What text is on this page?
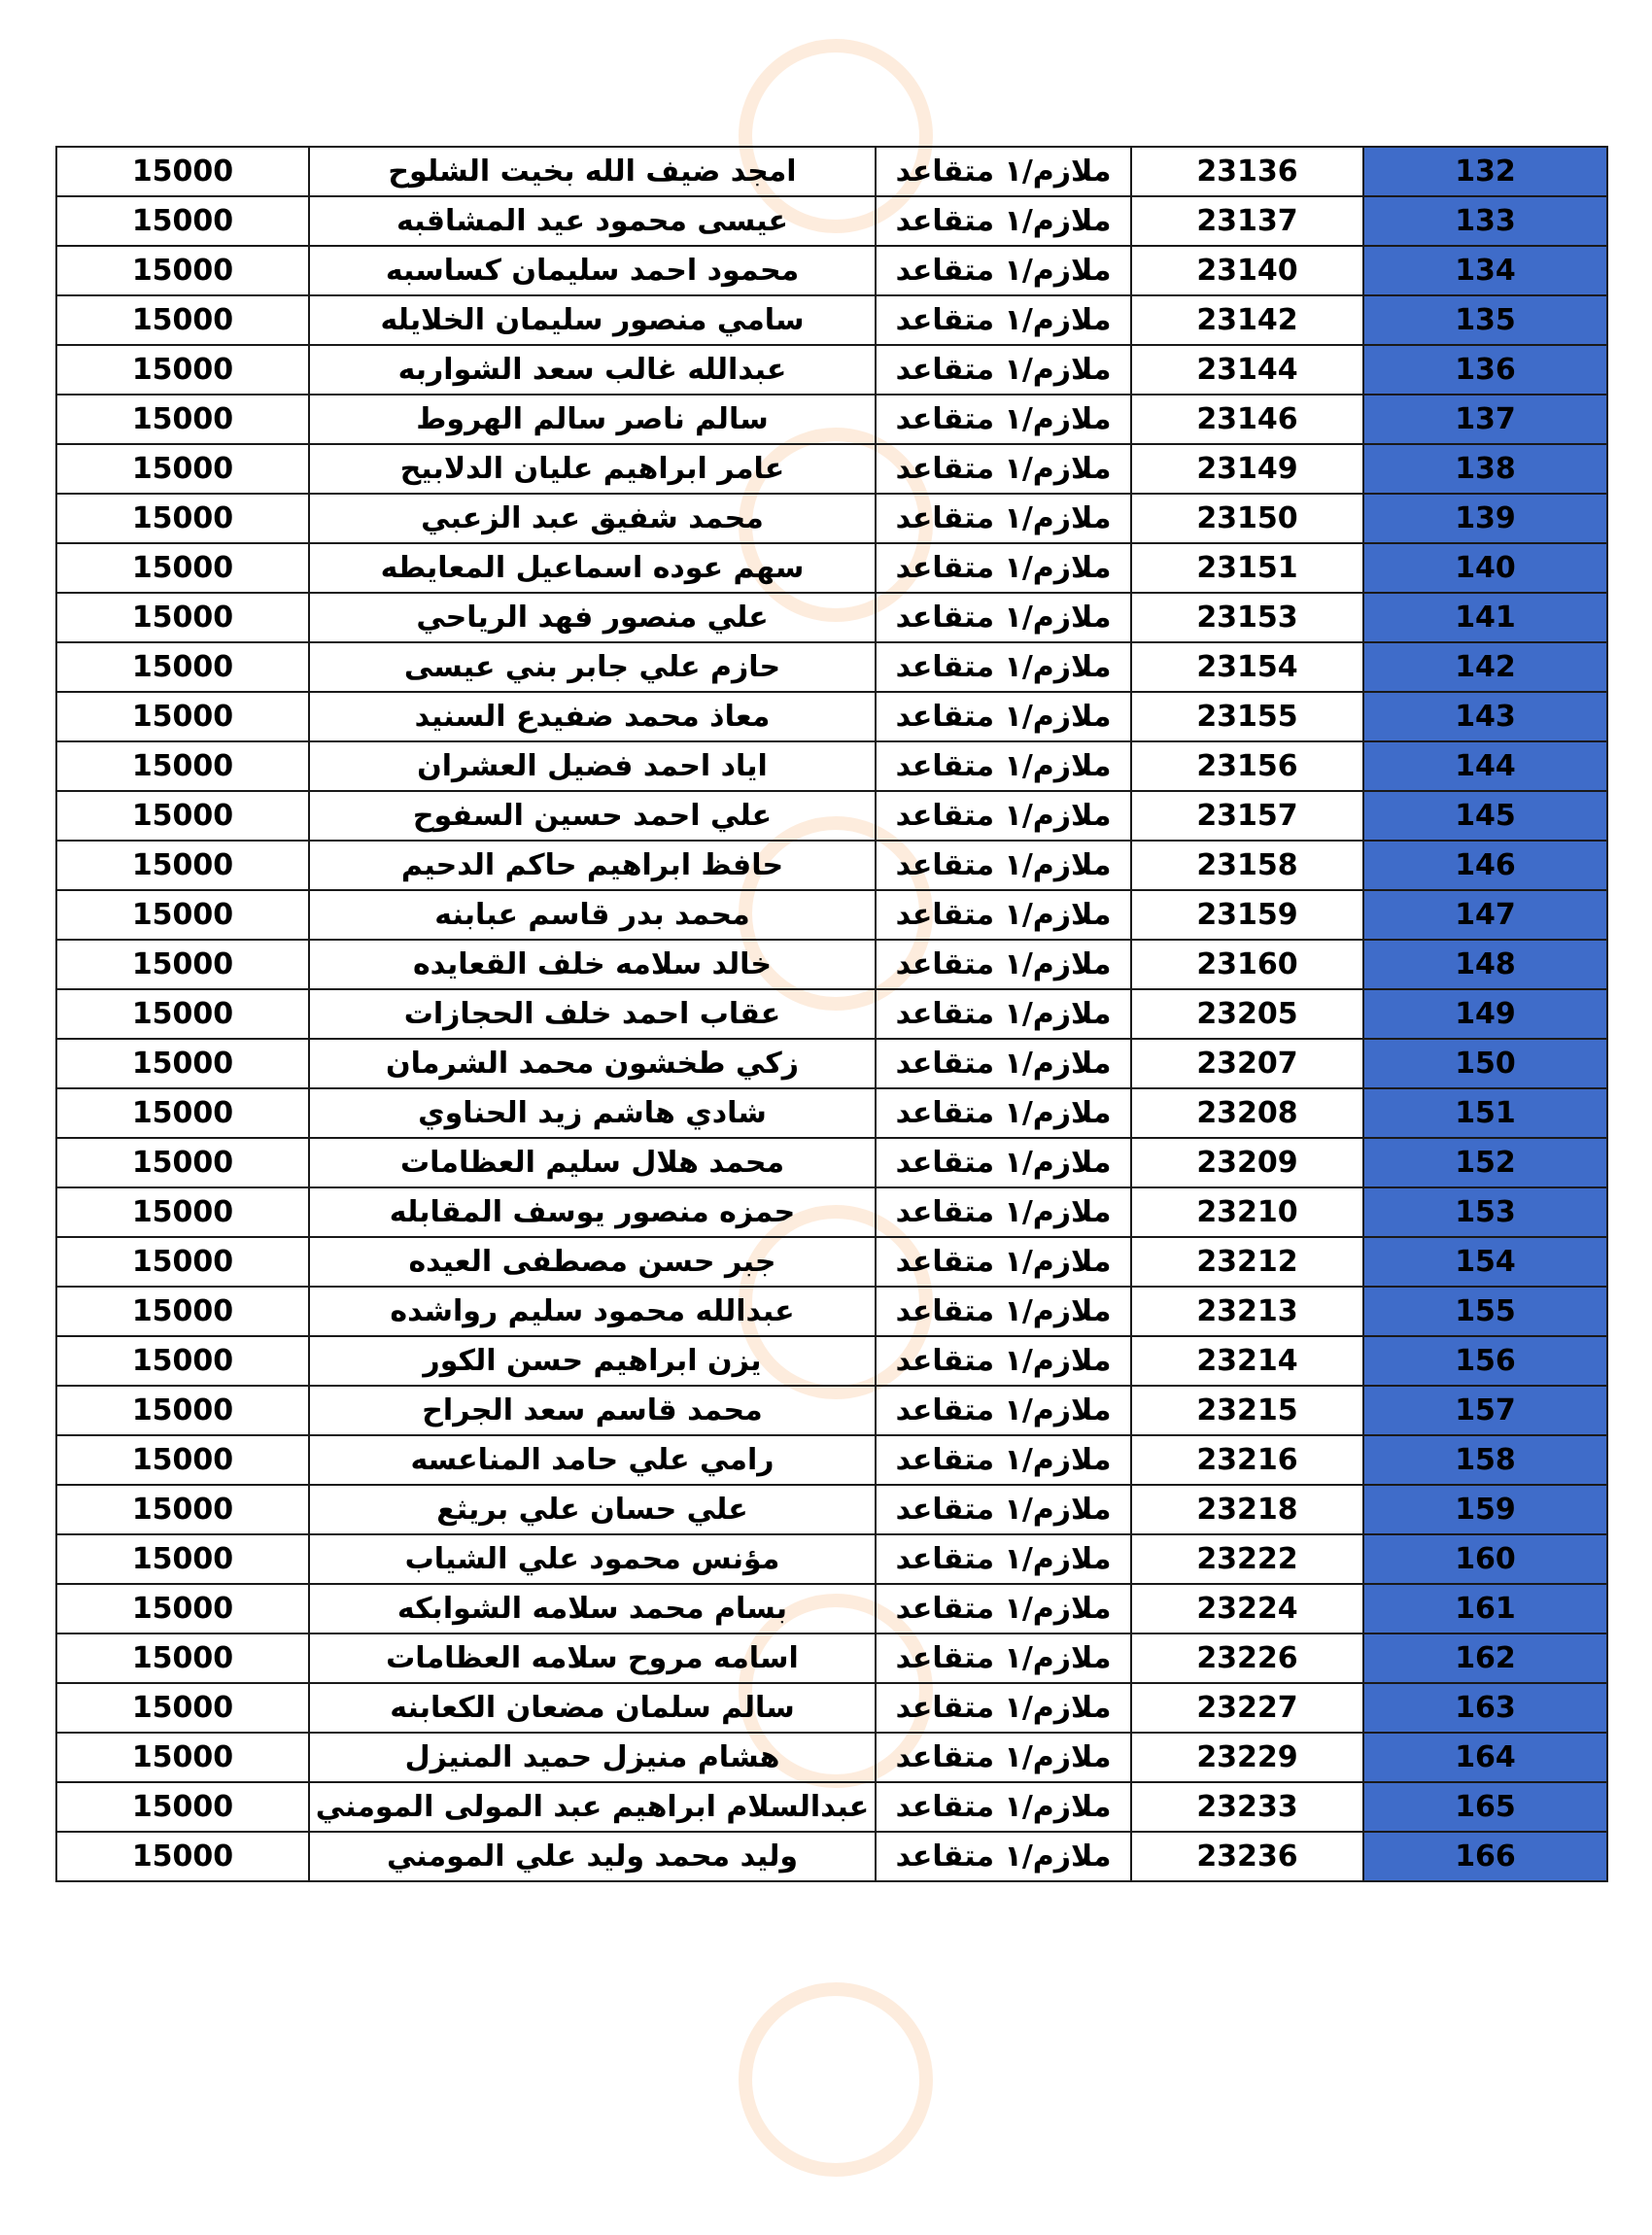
15000	امجد ضيف الله بخيت الشلوح	ملازم/١ متقاعد	23136	132
15000	عيسى محمود عيد المشاقبه	ملازم/١ متقاعد	23137	133
15000	محمود احمد سليمان كساسبه	ملازم/١ متقاعد	23140	134
15000	سامي منصور سليمان الخلايله	ملازم/١ متقاعد	23142	135
15000	عبدالله غالب سعد الشواربه	ملازم/١ متقاعد	23144	136
15000	سالم ناصر سالم الهروط	ملازم/١ متقاعد	23146	137
15000	عامر ابراهيم عليان الدلابيح	ملازم/١ متقاعد	23149	138
15000	محمد شفيق عبد الزعبي	ملازم/١ متقاعد	23150	139
15000	سهم عوده اسماعيل المعايطه	ملازم/١ متقاعد	23151	140
15000	علي منصور فهد الرياحي	ملازم/١ متقاعد	23153	141
15000	حازم علي جابر بني عيسى	ملازم/١ متقاعد	23154	142
15000	معاذ محمد ضفيدع السنيد	ملازم/١ متقاعد	23155	143
15000	اياد احمد فضيل العشران	ملازم/١ متقاعد	23156	144
15000	علي احمد حسين السفوح	ملازم/١ متقاعد	23157	145
15000	حافظ ابراهيم حاكم الدحيم	ملازم/١ متقاعد	23158	146
15000	محمد بدر قاسم عبابنه	ملازم/١ متقاعد	23159	147
15000	خالد سلامه خلف القعايده	ملازم/١ متقاعد	23160	148
15000	عقاب احمد خلف الحجازات	ملازم/١ متقاعد	23205	149
15000	زكي طخشون محمد الشرمان	ملازم/١ متقاعد	23207	150
15000	شادي هاشم زيد الحناوي	ملازم/١ متقاعد	23208	151
15000	محمد هلال سليم العظامات	ملازم/١ متقاعد	23209	152
15000	حمزه منصور يوسف المقابله	ملازم/١ متقاعد	23210	153
15000	جبر حسن مصطفى العيده	ملازم/١ متقاعد	23212	154
15000	عبدالله محمود سليم رواشده	ملازم/١ متقاعد	23213	155
15000	يزن ابراهيم حسن الكور	ملازم/١ متقاعد	23214	156
15000	محمد قاسم سعد الجراح	ملازم/١ متقاعد	23215	157
15000	رامي علي حامد المناعسه	ملازم/١ متقاعد	23216	158
15000	علي حسان علي بريثع	ملازم/١ متقاعد	23218	159
15000	مؤنس محمود علي الشياب	ملازم/١ متقاعد	23222	160
15000	بسام محمد سلامه الشوابكه	ملازم/١ متقاعد	23224	161
15000	اسامه مروح سلامه العظامات	ملازم/١ متقاعد	23226	162
15000	سالم سلمان مضعان الكعابنه	ملازم/١ متقاعد	23227	163
15000	هشام منيزل حميد المنيزل	ملازم/١ متقاعد	23229	164
15000	عبدالسلام ابراهيم عبد المولى المومني	ملازم/١ متقاعد	23233	165
15000	وليد محمد وليد علي المومني	ملازم/١ متقاعد	23236	166
